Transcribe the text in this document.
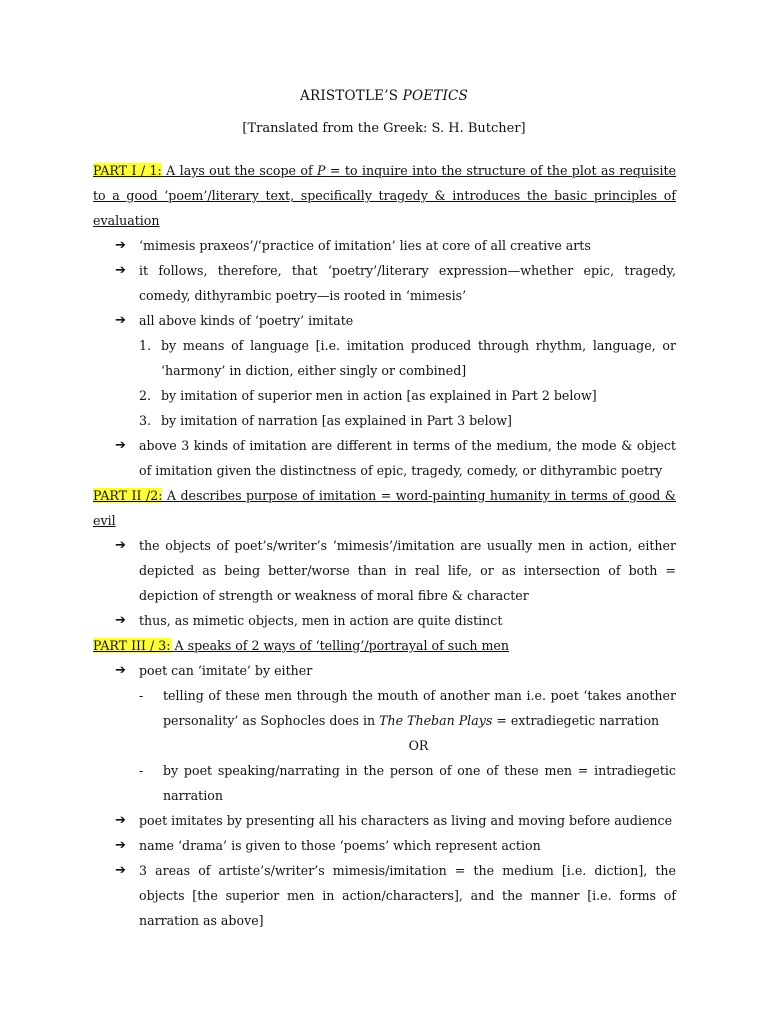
ARISTOTLE’S POETICS
[Translated from the Greek: S. H. Butcher]

PART I / 1: A lays out the scope of P = to inquire into the structure of the plot as requisite to a good ‘poem’/literary text, specifically tragedy & introduces the basic principles of evaluation

➔ ‘mimesis praxeos’/‘practice of imitation’ lies at core of all creative arts

➔ it follows, therefore, that ‘poetry’/literary expression—whether epic, tragedy, comedy, dithyrambic poetry—is rooted in ‘mimesis’

➔ all above kinds of ‘poetry’ imitate

1. by means of language [i.e. imitation produced through rhythm, language, or ‘harmony’ in diction, either singly or combined]

2. by imitation of superior men in action [as explained in Part 2 below]

3. by imitation of narration [as explained in Part 3 below]

➔ above 3 kinds of imitation are different in terms of the medium, the mode & object of imitation given the distinctness of epic, tragedy, comedy, or dithyrambic poetry

PART II /2: A describes purpose of imitation = word-painting humanity in terms of good & evil

➔ the objects of poet’s/writer’s ‘mimesis’/imitation are usually men in action, either depicted as being better/worse than in real life, or as intersection of both = depiction of strength or weakness of moral fibre & character

➔ thus, as mimetic objects, men in action are quite distinct

PART III / 3: A speaks of 2 ways of ‘telling’/portrayal of such men

➔ poet can ‘imitate’ by either

- telling of these men through the mouth of another man i.e. poet ‘takes another personality’ as Sophocles does in The Theban Plays = extradiegetic narration

OR

- by poet speaking/narrating in the person of one of these men = intradiegetic narration

➔ poet imitates by presenting all his characters as living and moving before audience

➔ name ‘drama’ is given to those ‘poems’ which represent action

➔ 3 areas of artiste’s/writer’s mimesis/imitation = the medium [i.e. diction], the objects [the superior men in action/characters], and the manner [i.e. forms of narration as above]
